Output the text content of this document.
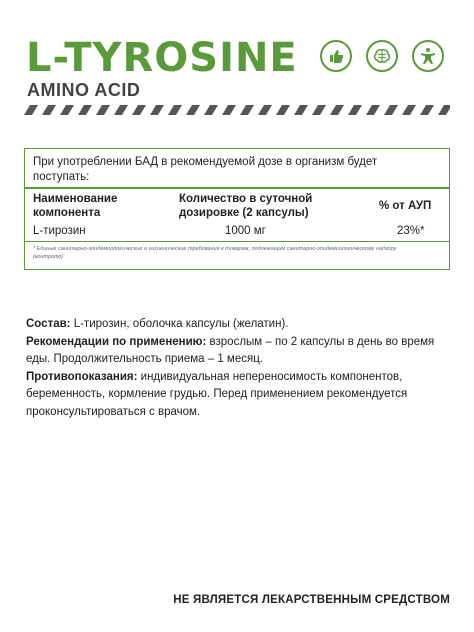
L-TYROSINE
AMINO ACID
При употреблении БАД в рекомендуемой дозе в организм будет поступать:
Наименование компонента
Количество в суточной дозировке (2 капсулы)
% от АУП
L-тирозин	1000 мг	23%*
* Единые санитарно-эпидемиологические и гигиенические требования к товарам, подлежащим санитарно-эпидемиологическому надзору (контролю)
Состав: L-тирозин, оболочка капсулы (желатин).
Рекомендации по применению: взрослым – по 2 капсулы в день во время еды. Продолжительность приема – 1 месяц.
Противопоказания: индивидуальная непереносимость компонентов, беременность, кормление грудью. Перед применением рекомендуется проконсультироваться с врачом.
НЕ ЯВЛЯЕТСЯ ЛЕКАРСТВЕННЫМ СРЕДСТВОМ
